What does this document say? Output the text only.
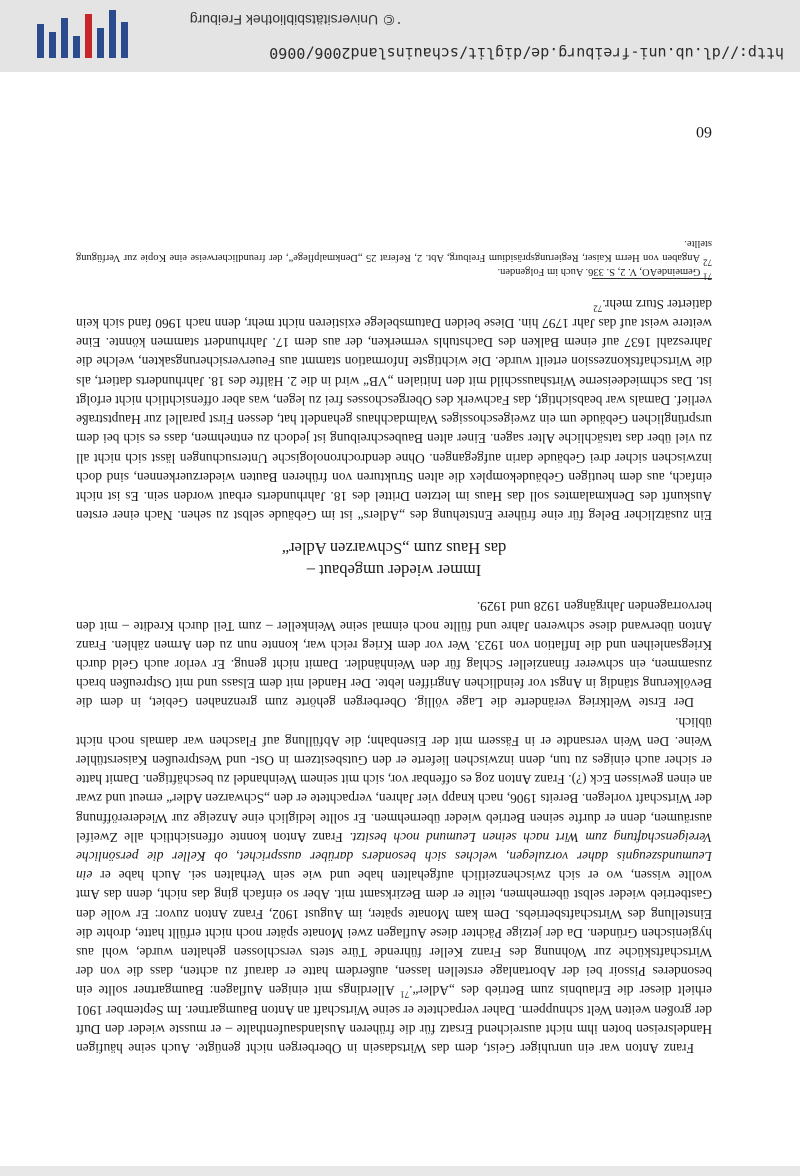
Franz Anton war ein unruhiger Geist, dem das Wirtsdasein in Oberbergen nicht genügte. Auch seine häufigen Handelsreisen boten ihm nicht ausreichend Ersatz für die früheren Auslandsaufenthalte – er musste wieder den Duft der großen weiten Welt schnuppern. Daher verpachtete er seine Wirtschaft an Anton Baumgartner. Im September 1901 erhielt dieser die Erlaubnis zum Betrieb des „Adler“.$^{71}$ Allerdings mit einigen Auflagen: Baumgartner sollte ein besonderes Pissoir bei der Abortanlage erstellen lassen, außerdem hatte er darauf zu achten, dass die von der Wirtschaftsküche zur Wohnung des Franz Keller führende Türe stets verschlossen gehalten wurde, wohl aus hygienischen Gründen. Da der jetzige Pächter diese Auflagen zwei Monate später noch nicht erfüllt hatte, drohte die Einstellung des Wirtschaftsbetriebs. Dem kam Monate später, im August 1902, Franz Anton zuvor: Er wolle den Gastbetrieb wieder selbst übernehmen, teilte er dem Bezirksamt mit. Aber so einfach ging das nicht, denn das Amt wollte wissen, wo er sich zwischenzeitlich aufgehalten habe und wie sein Verhalten sei. Auch habe er ein Leumundszeugnis daher vorzulegen, welches sich besonders darüber aussprichet, ob Keller die persönliche Vereigenschaftung zum Wirt nach seinen Leumund noch besitzt. Franz Anton konnte offensichtlich alle Zweifel ausräumen, denn er durfte seinen Betrieb wieder übernehmen. Er sollte lediglich eine Anzeige zur Wiedereröffnung der Wirtschaft vorlegen. Bereits 1906, nach knapp vier Jahren, verpachtete er den „Schwarzen Adler“ erneut und zwar an einen gewissen Eck (?). Franz Anton zog es offenbar vor, sich mit seinem Weinhandel zu beschäftigen. Damit hatte er sicher auch einiges zu tun, denn inzwischen lieferte er den Gutsbesitzern in Ost- und Westpreußen Kaiserstühler Weine. Den Wein versandte er in Fässern mit der Eisenbahn; die Abfüllung auf Flaschen war damals noch nicht üblich.

Der Erste Weltkrieg veränderte die Lage völlig. Oberbergen gehörte zum grenznahen Gebiet, in dem die Bevölkerung ständig in Angst vor feindlichen Angriffen lebte. Der Handel mit dem Elsass und mit Ostpreußen brach zusammen, ein schwerer finanzieller Schlag für den Weinhändler. Damit nicht genug. Er verlor auch Geld durch Kriegsanleihen und die Inflation von 1923. Wer vor dem Krieg reich war, konnte nun zu den Armen zählen. Franz Anton überwand diese schweren Jahre und füllte noch einmal seine Weinkeller – zum Teil durch Kredite – mit den hervorragenden Jahrgängen 1928 und 1929.

Immer wieder umgebaut –
das Haus zum „Schwarzen Adler“

Ein zusätzlicher Beleg für eine frühere Entstehung des „Adlers“ ist im Gebäude selbst zu sehen. Nach einer ersten Auskunft des Denkmalamtes soll das Haus im letzten Drittel des 18. Jahrhunderts erbaut worden sein. Es ist nicht einfach, aus dem heutigen Gebäudekomplex die alten Strukturen von früheren Bauten wiederzuerkennen, sind doch inzwischen sicher drei Gebäude darin aufgegangen. Ohne dendrochronologische Untersuchungen lässt sich nicht all zu viel über das tatsächliche Alter sagen. Einer alten Baubeschreibung ist jedoch zu entnehmen, dass es sich bei dem ursprünglichen Gebäude um ein zweigeschossiges Walmdachhaus gehandelt hat, dessen First parallel zur Hauptstraße verlief. Damals war beabsichtigt, das Fachwerk des Obergeschosses frei zu legen, was aber offensichtlich nicht erfolgt ist. Das schmiedeeiserne Wirtshausschild mit den Initialen „VB“ wird in die 2. Hälfte des 18. Jahrhunderts datiert, als die Wirtschaftskonzession erteilt wurde. Die wichtigste Information stammt aus Feuerversicherungsakten, welche die Jahreszahl 1637 auf einem Balken des Dachstuhls vermerken, der aus dem 17. Jahrhundert stammen könnte. Eine weitere weist auf das Jahr 1797 hin. Diese beiden Datumsbelege existieren nicht mehr, denn nach 1960 fand sich kein datierter Sturz mehr.$^{72}$

$^{71}$ GemeindeAO, V. 2, S. 336. Auch im Folgenden.

$^{72}$ Angaben von Herrn Kaiser, Regierungspräsidium Freiburg, Abt. 2, Referat 25 „Denkmalpflege“, der freundlicherweise eine Kopie zur Verfügung stellte.

60
http://dl.ub.uni-freiburg.de/diglit/schauinsland2006/0060
© Universitätsbibliothek Freiburg
